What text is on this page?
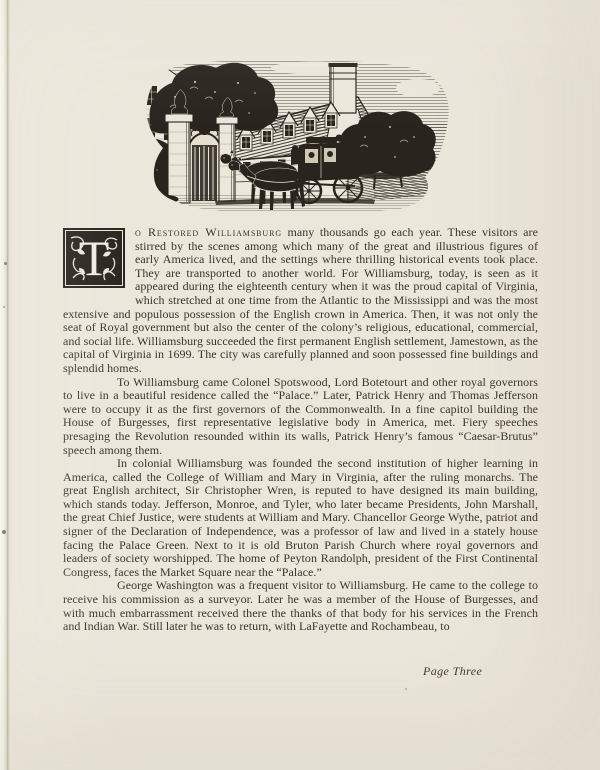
T o Restored Williamsburg many thousands go each year. These visitors are stirred by the scenes among which many of the great and illustrious figures of early America lived, and the settings where thrilling historical events took place. They are transported to another world. For Williamsburg, today, is seen as it appeared during the eighteenth century when it was the proud capital of Virginia, which stretched at one time from the Atlantic to the Mississippi and was the most extensive and populous possession of the English crown in America. Then, it was not only the seat of Royal government but also the center of the colony’s religious, educational, commercial, and social life. Williamsburg succeeded the first permanent English settlement, Jamestown, as the capital of Virginia in 1699. The city was carefully planned and soon possessed fine buildings and splendid homes.

To Williamsburg came Colonel Spotswood, Lord Botetourt and other royal governors to live in a beautiful residence called the “Palace.” Later, Patrick Henry and Thomas Jefferson were to occupy it as the first governors of the Commonwealth. In a fine capitol building the House of Burgesses, first representative legislative body in America, met. Fiery speeches presaging the Revolution resounded within its walls, Patrick Henry’s famous “Caesar-Brutus” speech among them.

In colonial Williamsburg was founded the second institution of higher learning in America, called the College of William and Mary in Virginia, after the ruling monarchs. The great English architect, Sir Christopher Wren, is reputed to have designed its main building, which stands today. Jefferson, Monroe, and Tyler, who later became Presidents, John Marshall, the great Chief Justice, were students at William and Mary. Chancellor George Wythe, patriot and signer of the Declaration of Independence, was a professor of law and lived in a stately house facing the Palace Green. Next to it is old Bruton Parish Church where royal governors and leaders of society worshipped. The home of Peyton Randolph, president of the First Continental Congress, faces the Market Square near the “Palace.”

George Washington was a frequent visitor to Williamsburg. He came to the college to receive his commission as a surveyor. Later he was a member of the House of Burgesses, and with much embarrassment received there the thanks of that body for his services in the French and Indian War. Still later he was to return, with LaFayette and Rochambeau, to

Page Three
